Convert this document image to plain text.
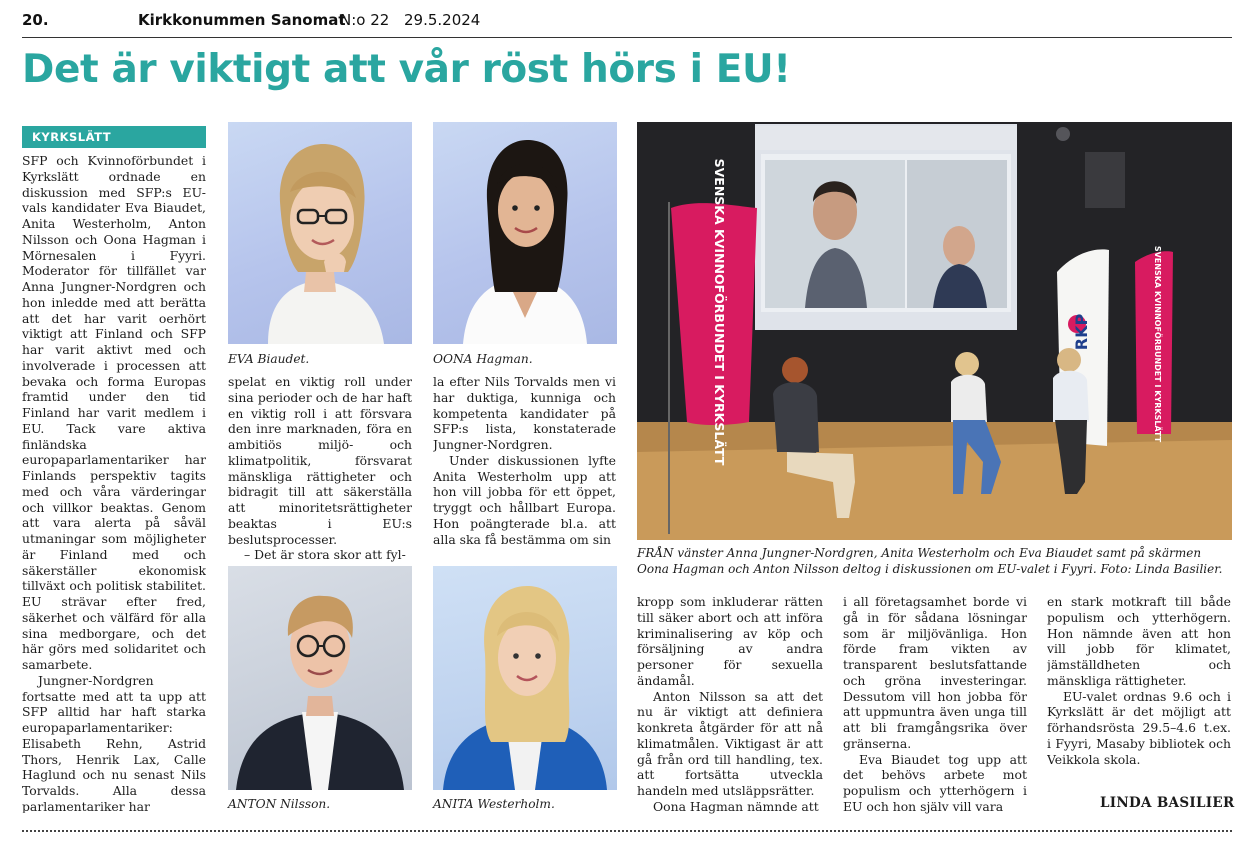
20.	Kirkkonummen Sanomat
N:o 22 29.5.2024
Det är viktigt att vår röst hörs i EU!
KYRKSLÄTT

SFP och Kvinnoförbundet i Kyrkslätt ordnade en diskussion med SFP:s EU-vals kandidater Eva Biaudet, Anita Westerholm, Anton Nilsson och Oona Hagman i Mörnesalen i Fyyri. Moderator för tillfället var Anna Jungner-Nordgren och hon inledde med att berätta att det har varit oerhört viktigt att Finland och SFP har varit aktivt med och involverade i processen att bevaka och forma Europas framtid under den tid Finland har varit medlem i EU. Tack vare aktiva finländska europaparlamentariker har Finlands perspektiv tagits med och våra värderingar och villkor beaktas. Genom att vara alerta på såväl utmaningar som möjligheter är Finland med och säkerställer ekonomisk tillväxt och politisk stabilitet. EU strävar efter fred, säkerhet och välfärd för alla sina medborgare, och det här görs med solidaritet och samarbete.

Jungner-Nordgren fortsatte med att ta upp att SFP alltid har haft starka europaparlamentariker: Elisabeth Rehn, Astrid Thors, Henrik Lax, Calle Haglund och nu senast Nils Torvalds. Alla dessa parlamentariker har

EVA Biaudet.	OONA Hagman.

spelat en viktig roll under sina perioder och de har haft en viktig roll i att försvara den inre marknaden, föra en ambitiös miljö- och klimatpolitik, försvarat mänskliga rättigheter och bidragit till att säkerställa att minoritetsrättigheter beaktas i EU:s beslutsprocesser.

– Det är stora skor att fyl-

la efter Nils Torvalds men vi har duktiga, kunniga och kompetenta kandidater på SFP:s lista, konstaterade Jungner-Nordgren.

Under diskussionen lyfte Anita Westerholm upp att hon vill jobba för ett öppet, tryggt och hållbart Europa. Hon poängterade bl.a. att alla ska få bestämma om sin

ANTON Nilsson.	ANITA Westerholm.
SVENSKA KVINNOFÖRBUNDET I KYRKSLÄTT	RKP	SVENSKA KVINNOFÖRBUNDET I KYRKSLÄTT
FRÅN vänster Anna Jungner-Nordgren, Anita Westerholm och Eva Biaudet samt på skärmen Oona Hagman och Anton Nilsson deltog i diskussionen om EU-valet i Fyyri. Foto: Linda Basilier.

kropp som inkluderar rätten till säker abort och att införa kriminalisering av köp och försäljning av andra personer för sexuella ändamål.

Anton Nilsson sa att det nu är viktigt att definiera konkreta åtgärder för att nå klimatmålen. Viktigast är att gå från ord till handling, tex. att fortsätta utveckla handeln med utsläppsrätter.

Oona Hagman nämnde att

i all företagsamhet borde vi gå in för sådana lösningar som är miljövänliga. Hon förde fram vikten av transparent beslutsfattande och gröna investeringar. Dessutom vill hon jobba för att uppmuntra även unga till att bli framgångsrika över gränserna.

Eva Biaudet tog upp att det behövs arbete mot populism och ytterhögern i EU och hon själv vill vara

en stark motkraft till både populism och ytterhögern. Hon nämnde även att hon vill jobb för klimatet, jämställdheten och mänskliga rättigheter.

EU-valet ordnas 9.6 och i Kyrkslätt är det möjligt att förhandsrösta 29.5–4.6 t.ex. i Fyyri, Masaby bibliotek och Veikkola skola.

LINDA BASILIER
